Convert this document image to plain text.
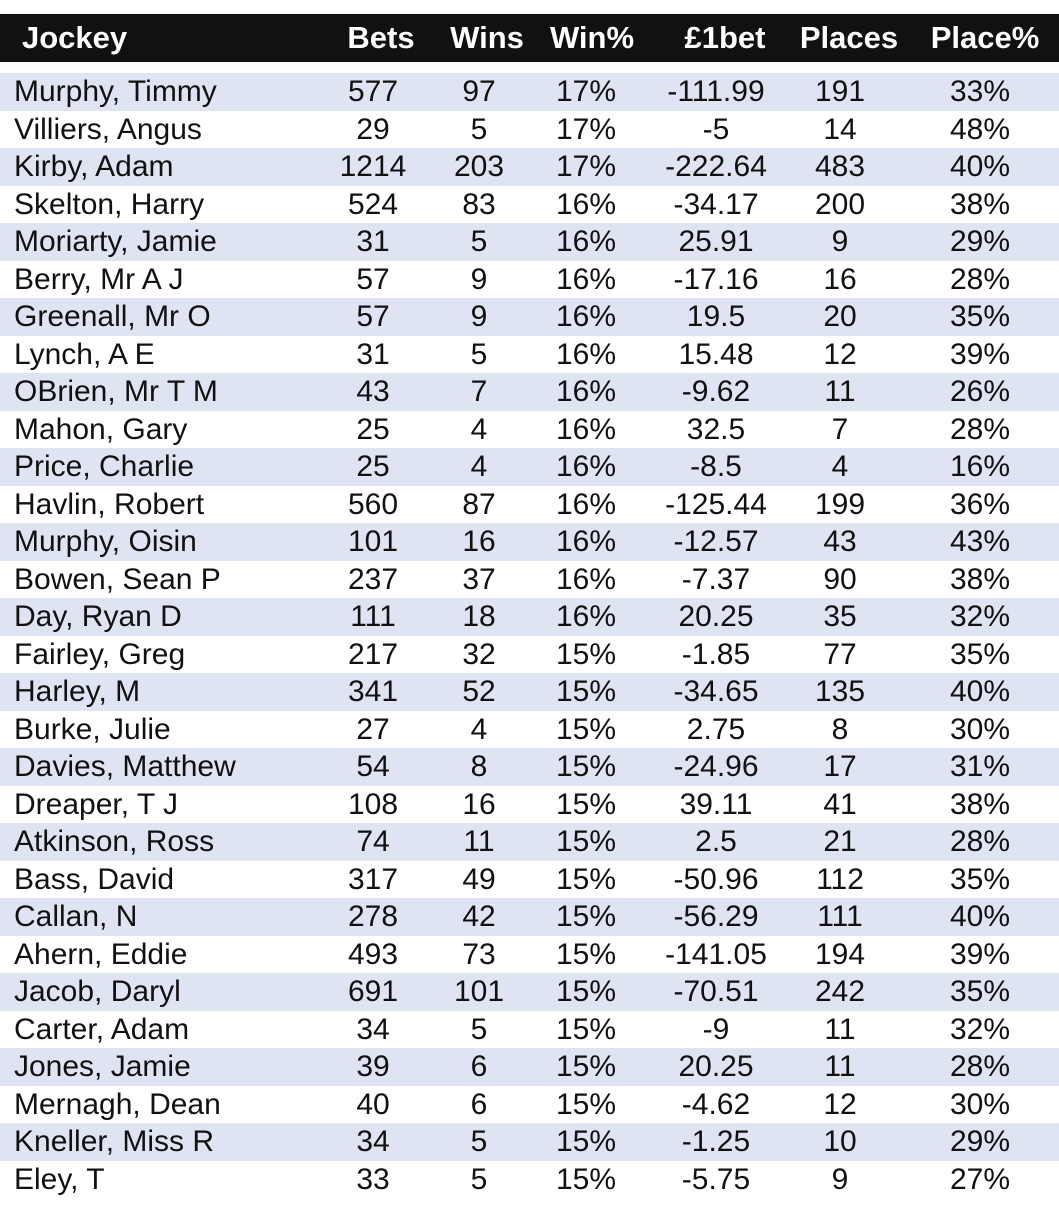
Jockey	Bets Wins Win%	£1bet	Places	Place%
Murphy, Timmy	577	97	17%	-111.99	191	33%
Villiers, Angus	29	5	17%	-5	14	48%
Kirby, Adam	1214	203	17%	-222.64	483	40%
Skelton, Harry	524	83	16%	-34.17	200	38%
Moriarty, Jamie	31	5	16%	25.91	9	29%
Berry, Mr A J	57	9	16%	-17.16	16	28%
Greenall, Mr O	57	9	16%	19.5	20	35%
Lynch, A E	31	5	16%	15.48	12	39%
OBrien, Mr T M	43	7	16%	-9.62	11	26%
Mahon, Gary	25	4	16%	32.5	7	28%
Price, Charlie	25	4	16%	-8.5	4	16%
Havlin, Robert	560	87	16%	-125.44	199	36%
Murphy, Oisin	101	16	16%	-12.57	43	43%
Bowen, Sean P	237	37	16%	-7.37	90	38%
Day, Ryan D	111	18	16%	20.25	35	32%
Fairley, Greg	217	32	15%	-1.85	77	35%
Harley, M	341	52	15%	-34.65	135	40%
Burke, Julie	27	4	15%	2.75	8	30%
Davies, Matthew	54	8	15%	-24.96	17	31%
Dreaper, T J	108	16	15%	39.11	41	38%
Atkinson, Ross	74	11	15%	2.5	21	28%
Bass, David	317	49	15%	-50.96	112	35%
Callan, N	278	42	15%	-56.29	111	40%
Ahern, Eddie	493	73	15%	-141.05	194	39%
Jacob, Daryl	691	101	15%	-70.51	242	35%
Carter, Adam	34	5	15%	-9	11	32%
Jones, Jamie	39	6	15%	20.25	11	28%
Mernagh, Dean	40	6	15%	-4.62	12	30%
Kneller, Miss R	34	5	15%	-1.25	10	29%
Eley, T	33	5	15%	-5.75	9	27%
